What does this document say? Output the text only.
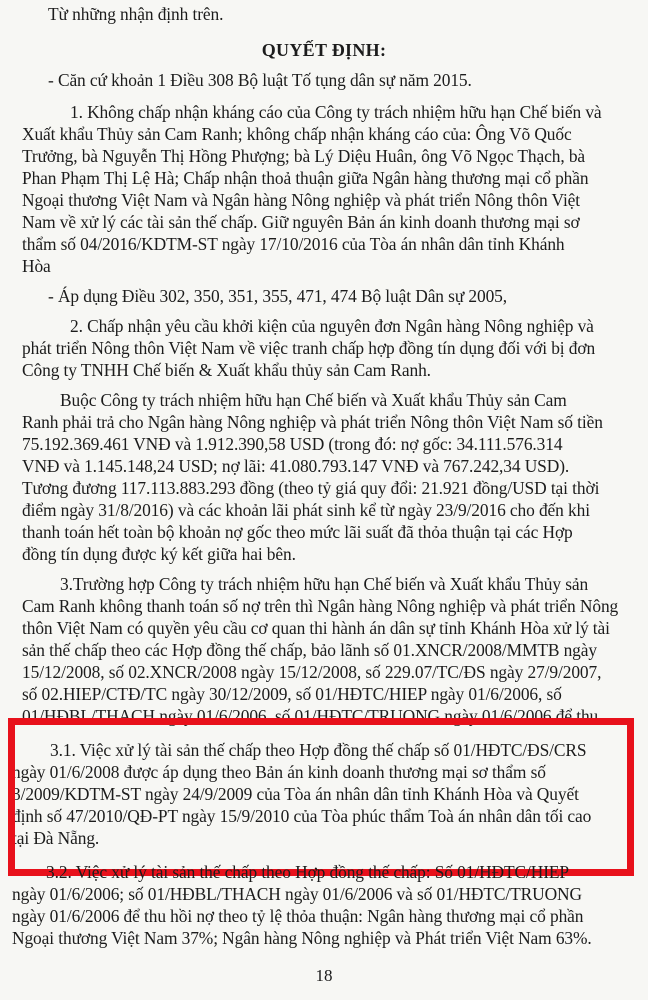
Từ những nhận định trên.
QUYẾT ĐỊNH:
- Căn cứ khoản 1 Điều 308 Bộ luật Tố tụng dân sự năm 2015.
1. Không chấp nhận kháng cáo của Công ty trách nhiệm hữu hạn Chế biến và
Xuất khẩu Thủy sản Cam Ranh; không chấp nhận kháng cáo của: Ông Võ Quốc
Trưởng, bà Nguyễn Thị Hồng Phượng; bà Lý Diệu Huân, ông Võ Ngọc Thạch, bà
Phan Phạm Thị Lệ Hà; Chấp nhận thoả thuận giữa Ngân hàng thương mại cổ phần
Ngoại thương Việt Nam và Ngân hàng Nông nghiệp và phát triển Nông thôn Việt
Nam về xử lý các tài sản thế chấp. Giữ nguyên Bản án kinh doanh thương mại sơ
thẩm số 04/2016/KDTM-ST ngày 17/10/2016 của Tòa án nhân dân tỉnh Khánh
Hòa
- Áp dụng Điều 302, 350, 351, 355, 471, 474 Bộ luật Dân sự 2005,
2. Chấp nhận yêu cầu khởi kiện của nguyên đơn Ngân hàng Nông nghiệp và
phát triển Nông thôn Việt Nam về việc tranh chấp hợp đồng tín dụng đối với bị đơn
Công ty TNHH Chế biến & Xuất khẩu thủy sản Cam Ranh.
Buộc Công ty trách nhiệm hữu hạn Chế biến và Xuất khẩu Thủy sản Cam
Ranh phải trả cho Ngân hàng Nông nghiệp và phát triển Nông thôn Việt Nam số tiền
75.192.369.461 VNĐ và 1.912.390,58 USD (trong đó: nợ gốc: 34.111.576.314
VNĐ và 1.145.148,24 USD; nợ lãi: 41.080.793.147 VNĐ và 767.242,34 USD).
Tương đương 117.113.883.293 đồng (theo tỷ giá quy đổi: 21.921 đồng/USD tại thời
điểm ngày 31/8/2016) và các khoản lãi phát sinh kể từ ngày 23/9/2016 cho đến khi
thanh toán hết toàn bộ khoản nợ gốc theo mức lãi suất đã thỏa thuận tại các Hợp
đồng tín dụng được ký kết giữa hai bên.
3.Trường hợp Công ty trách nhiệm hữu hạn Chế biến và Xuất khẩu Thủy sản
Cam Ranh không thanh toán số nợ trên thì Ngân hàng Nông nghiệp và phát triển Nông
thôn Việt Nam có quyền yêu cầu cơ quan thi hành án dân sự tỉnh Khánh Hòa xử lý tài
sản thế chấp theo các Hợp đồng thế chấp, bảo lãnh số 01.XNCR/2008/MMTB ngày
15/12/2008, số 02.XNCR/2008 ngày 15/12/2008, số 229.07/TC/ĐS ngày 27/9/2007,
số 02.HIEP/CTĐ/TC ngày 30/12/2009, số 01/HĐTC/HIEP ngày 01/6/2006, số
01/HĐBL/THACH ngày 01/6/2006, số 01/HĐTC/TRUONG ngày 01/6/2006 để thu
3.1. Việc xử lý tài sản thế chấp theo Hợp đồng thế chấp số 01/HĐTC/ĐS/CRS
ngày 01/6/2008 được áp dụng theo Bản án kinh doanh thương mại sơ thẩm số
3/2009/KDTM-ST ngày 24/9/2009 của Tòa án nhân dân tỉnh Khánh Hòa và Quyết
định số 47/2010/QĐ-PT ngày 15/9/2010 của Tòa phúc thẩm Toà án nhân dân tối cao
tại Đà Nẵng.
3.2. Việc xử lý tài sản thế chấp theo Hợp đồng thế chấp: Số 01/HĐTC/HIEP
ngày 01/6/2006; số 01/HĐBL/THACH ngày 01/6/2006 và số 01/HĐTC/TRUONG
ngày 01/6/2006 để thu hồi nợ theo tỷ lệ thỏa thuận: Ngân hàng thương mại cổ phần
Ngoại thương Việt Nam 37%; Ngân hàng Nông nghiệp và Phát triển Việt Nam 63%.
18
